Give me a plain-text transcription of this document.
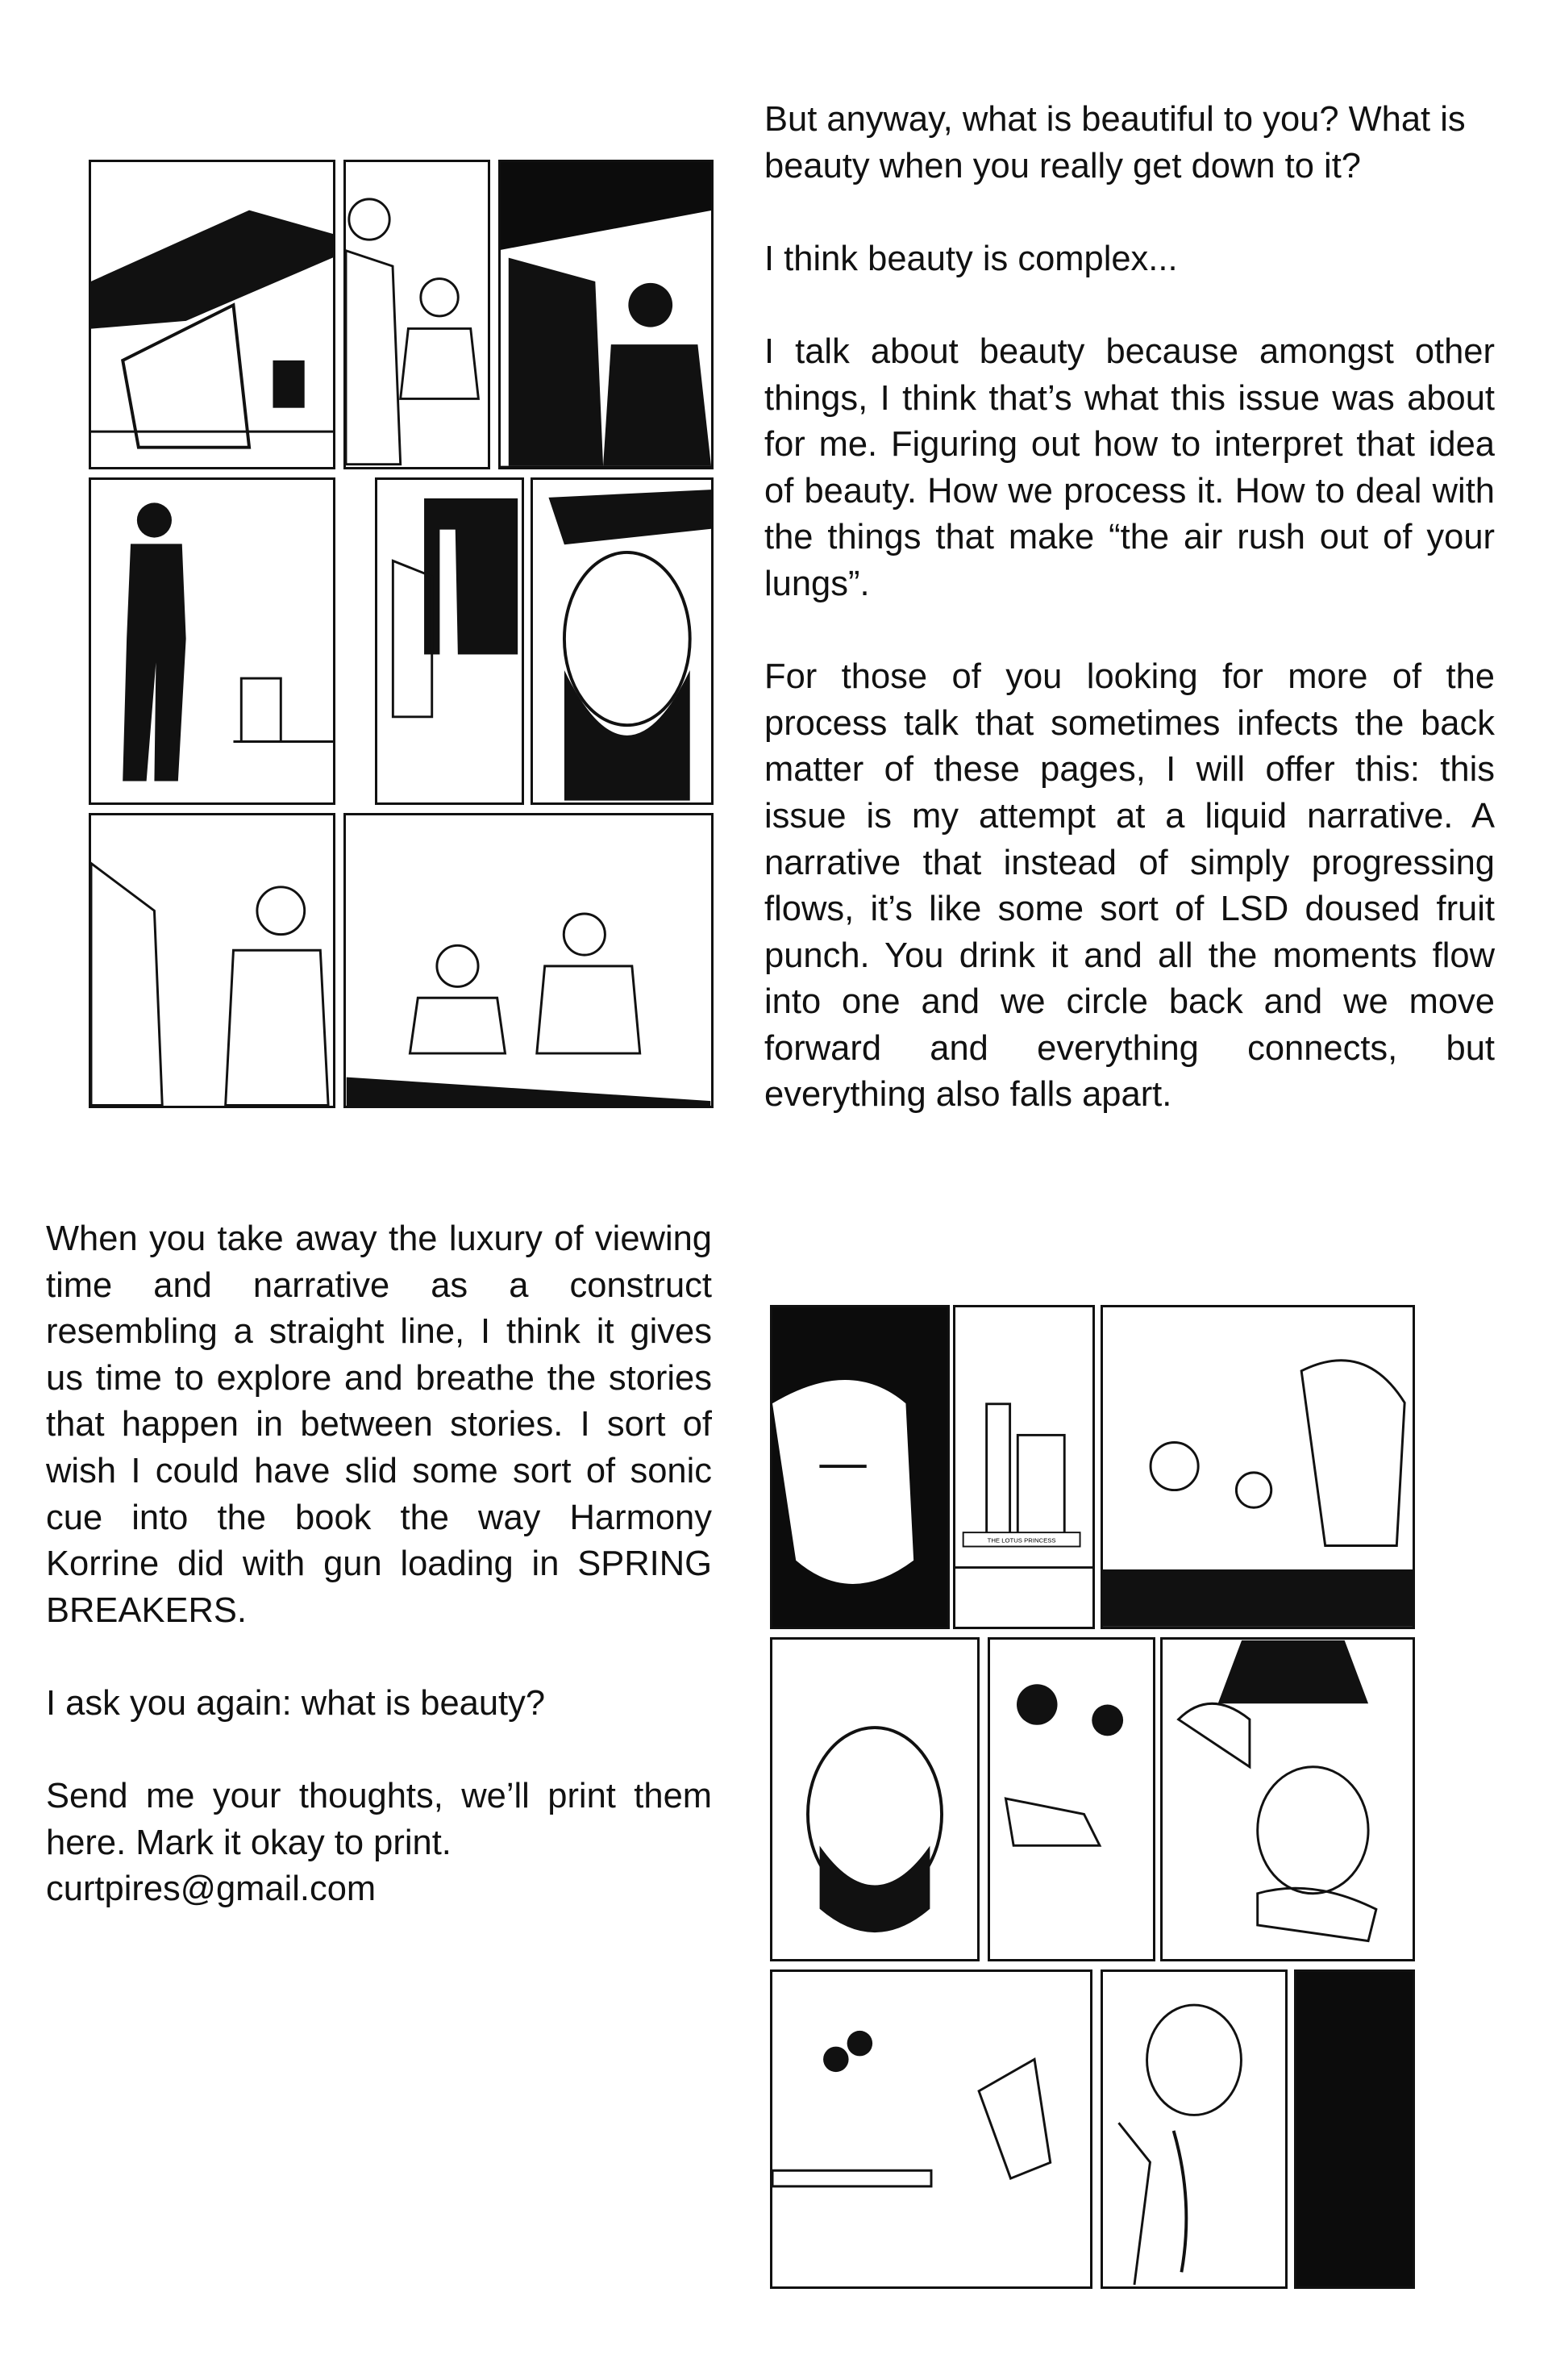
But anyway, what is beautiful to you? What is beauty when you really get down to it?

I think beauty is complex...

I talk about beauty because amongst other things, I think that’s what this issue was about for me. Figuring out how to interpret that idea of beauty. How we process it. How to deal with the things that make “the air rush out of your lungs”.

For those of you looking for more of the process talk that sometimes infects the back matter of these pages, I will offer this: this issue is my attempt at a liquid narrative. A narrative that instead of simply progressing flows, it’s like some sort of LSD doused fruit punch. You drink it and all the moments flow into one and we circle back and we move forward and everything connects, but everything also falls apart.

When you take away the luxury of viewing time and narrative as a construct resembling a straight line, I think it gives us time to explore and breathe the stories that happen in between stories. I sort of wish I could have slid some sort of sonic cue into the book the way Harmony Korrine did with gun loading in SPRING BREAKERS.

I ask you again: what is beauty?

Send me your thoughts, we’ll print them here. Mark it okay to print.
curtpires@gmail.com

THE LOTUS PRINCESS
